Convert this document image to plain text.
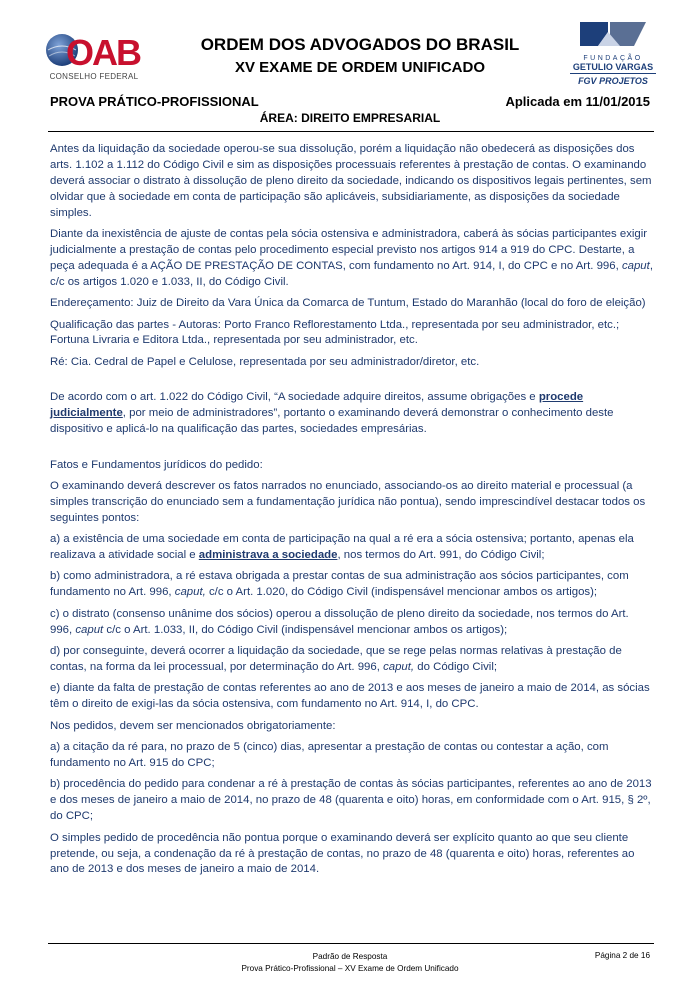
OAB
CONSELHO FEDERAL
ORDEM DOS ADVOGADOS DO BRASIL
XV EXAME DE ORDEM UNIFICADO
FUNDAÇÃO
GETULIO VARGAS
FGV PROJETOS
PROVA PRÁTICO-PROFISSIONAL	Aplicada em 11/01/2015
ÁREA: DIREITO EMPRESARIAL

Antes da liquidação da sociedade operou-se sua dissolução, porém a liquidação não obedecerá as disposições dos arts. 1.102 a 1.112 do Código Civil e sim as disposições processuais referentes à prestação de contas. O examinando deverá associar o distrato à dissolução de pleno direito da sociedade, indicando os dispositivos legais pertinentes, sem olvidar que à sociedade em conta de participação são aplicáveis, subsidiariamente, as disposições da sociedade simples.

Diante da inexistência de ajuste de contas pela sócia ostensiva e administradora, caberá às sócias participantes exigir judicialmente a prestação de contas pelo procedimento especial previsto nos artigos 914 a 919 do CPC. Destarte, a peça adequada é a AÇÃO DE PRESTAÇÃO DE CONTAS, com fundamento no Art. 914, I, do CPC e no Art. 996, caput, c/c os artigos 1.020 e 1.033, II, do Código Civil.

Endereçamento: Juiz de Direito da Vara Única da Comarca de Tuntum, Estado do Maranhão (local do foro de eleição)

Qualificação das partes - Autoras: Porto Franco Reflorestamento Ltda., representada por seu administrador, etc.; Fortuna Livraria e Editora Ltda., representada por seu administrador, etc.

Ré: Cia. Cedral de Papel e Celulose, representada por seu administrador/diretor, etc.

De acordo com o art. 1.022 do Código Civil, “A sociedade adquire direitos, assume obrigações e procede judicialmente, por meio de administradores”, portanto o examinando deverá demonstrar o conhecimento deste dispositivo e aplicá-lo na qualificação das partes, sociedades empresárias.

Fatos e Fundamentos jurídicos do pedido:

O examinando deverá descrever os fatos narrados no enunciado, associando-os ao direito material e processual (a simples transcrição do enunciado sem a fundamentação jurídica não pontua), sendo imprescindível destacar todos os seguintes pontos:

a) a existência de uma sociedade em conta de participação na qual a ré era a sócia ostensiva; portanto, apenas ela realizava a atividade social e administrava a sociedade, nos termos do Art. 991, do Código Civil;

b) como administradora, a ré estava obrigada a prestar contas de sua administração aos sócios participantes, com fundamento no Art. 996, caput, c/c o Art. 1.020, do Código Civil (indispensável mencionar ambos os artigos);

c) o distrato (consenso unânime dos sócios) operou a dissolução de pleno direito da sociedade, nos termos do Art. 996, caput c/c o Art. 1.033, II, do Código Civil (indispensável mencionar ambos os artigos);

d) por conseguinte, deverá ocorrer a liquidação da sociedade, que se rege pelas normas relativas à prestação de contas, na forma da lei processual, por determinação do Art. 996, caput, do Código Civil;

e) diante da falta de prestação de contas referentes ao ano de 2013 e aos meses de janeiro a maio de 2014, as sócias têm o direito de exigi-las da sócia ostensiva, com fundamento no Art. 914, I, do CPC.

Nos pedidos, devem ser mencionados obrigatoriamente:

a) a citação da ré para, no prazo de 5 (cinco) dias, apresentar a prestação de contas ou contestar a ação, com fundamento no Art. 915 do CPC;

b) procedência do pedido para condenar a ré à prestação de contas às sócias participantes, referentes ao ano de 2013 e dos meses de janeiro a maio de 2014, no prazo de 48 (quarenta e oito) horas, em conformidade com o Art. 915, § 2º, do CPC;

O simples pedido de procedência não pontua porque o examinando deverá ser explícito quanto ao que seu cliente pretende, ou seja, a condenação da ré à prestação de contas, no prazo de 48 (quarenta e oito) horas, referentes ao ano de 2013 e dos meses de janeiro a maio de 2014.

Padrão de Resposta
Prova Prático-Profissional – XV Exame de Ordem Unificado
Página 2 de 16
